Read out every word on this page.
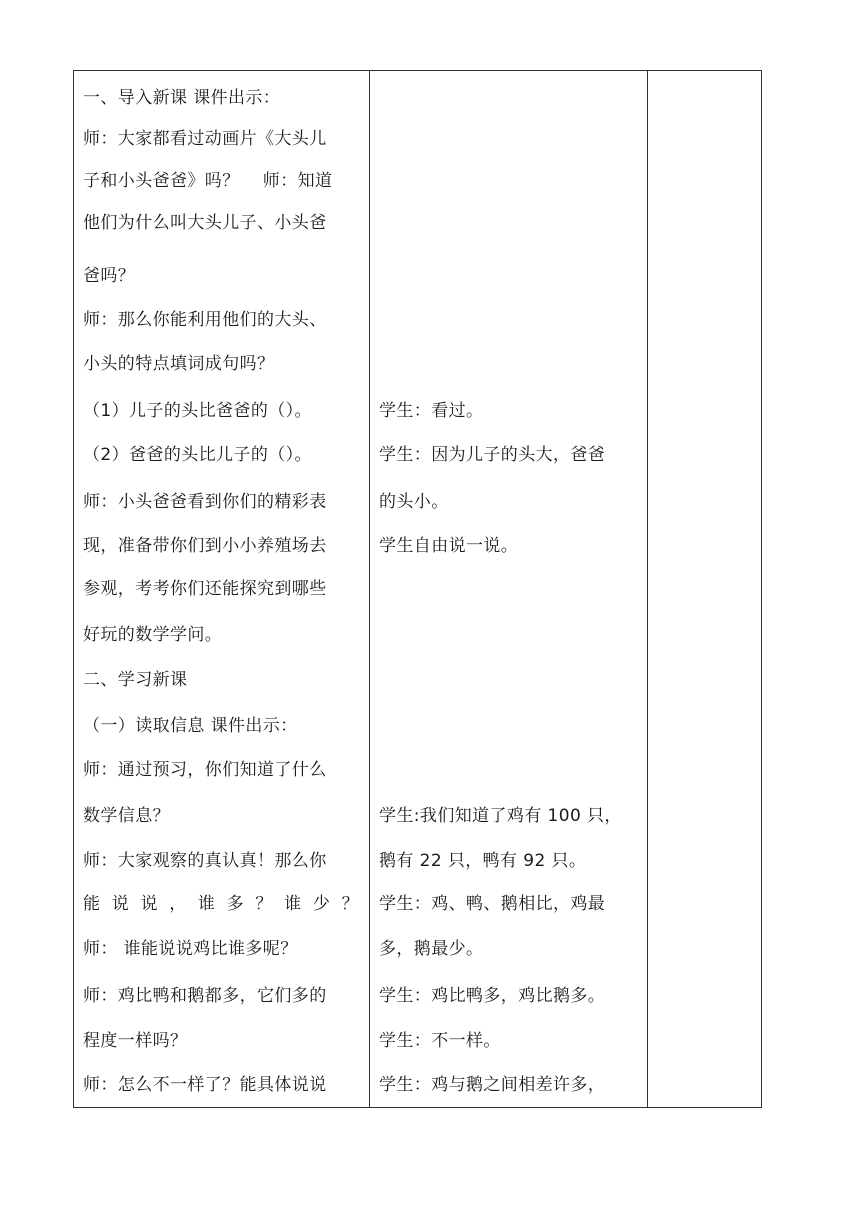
一、导入新课 课件出示：
师：大家都看过动画片《大头儿
子和小头爸爸》吗？　 师：知道
他们为什么叫大头儿子、小头爸
爸吗？
师：那么你能利用他们的大头、
小头的特点填词成句吗？
（1）儿子的头比爸爸的（）。
（2）爸爸的头比儿子的（）。
师：小头爸爸看到你们的精彩表
现，准备带你们到小小养殖场去
参观，考考你们还能探究到哪些
好玩的数学学问。
二、学习新课
（一）读取信息 课件出示：
师：通过预习，你们知道了什么
数学信息？
师：大家观察的真认真！那么你
能 说 说 ， 谁 多 ？ 谁 少 ？
师： 谁能说说鸡比谁多呢？
师：鸡比鸭和鹅都多，它们多的
程度一样吗？
师：怎么不一样了？能具体说说
学生：看过。
学生：因为儿子的头大，爸爸
的头小。
学生自由说一说。
学生:我们知道了鸡有 100 只，
鹅有 22 只，鸭有 92 只。
学生：鸡、鸭、鹅相比，鸡最
多，鹅最少。
学生：鸡比鸭多，鸡比鹅多。
学生：不一样。
学生：鸡与鹅之间相差许多，
